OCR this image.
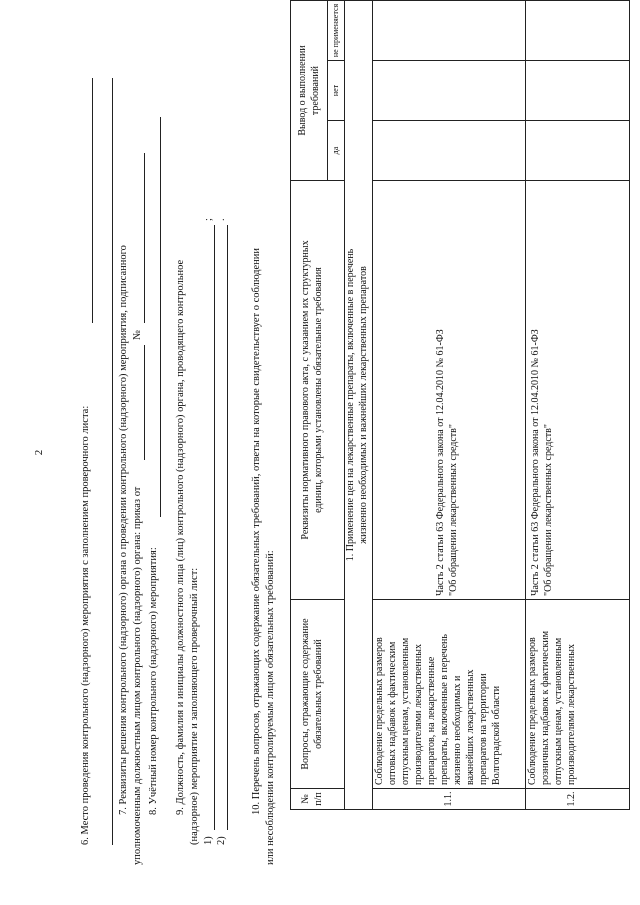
2	6. Место проведения контрольного (надзорного) мероприятия с заполнением проверочного листа:	7. Реквизиты решения контрольного (надзорного) органа о проведении контрольного (надзорного) мероприятия, подписанного уполномоченным должностным лицом контрольного (надзорного) органа: приказ от
№
8. Учётный номер контрольного (надзорного) мероприятия: 9. Должность, фамилия и инициалы должностного лица (лиц) контрольного (надзорного) органа, проводящего контрольное (надзорное) мероприятие и заполняющего проверочный лист: 1)
;
2)
.
10. Перечень вопросов, отражающих содержание обязательных требований, ответы на которые свидетельствует о соблюдении или несоблюдении контролируемым лицом обязательных требований: № п/п
Вопросы, отражающие содержание обязательных требований
Реквизиты нормативного правового акта, с указанием их структурных единиц, которыми установлены обязательные требования
Вывод о выполнении требований
да
нет
не применяется
1. Применение цен на лекарственные препараты, включенные в перечень жизненно необходимых и важнейших лекарственных препаратов
1.1.
Соблюдение предельных размеров оптовых надбавок к фактическим отпускным ценам, установленным производителями лекарственных препаратов, на лекарственные препараты, включенные в перечень жизненно необходимых и важнейших лекарственных препаратов на территории Волгоградской области
Часть 2 статьи 63 Федерального закона от 12.04.2010 № 61-ФЗ "Об обращении лекарственных средств"
1.2.
Соблюдение предельных размеров розничных надбавок к фактическим отпускным ценам, установленным производителями лекарственных
Часть 2 статьи 63 Федерального закона от 12.04.2010 № 61-ФЗ "Об обращении лекарственных средств"
